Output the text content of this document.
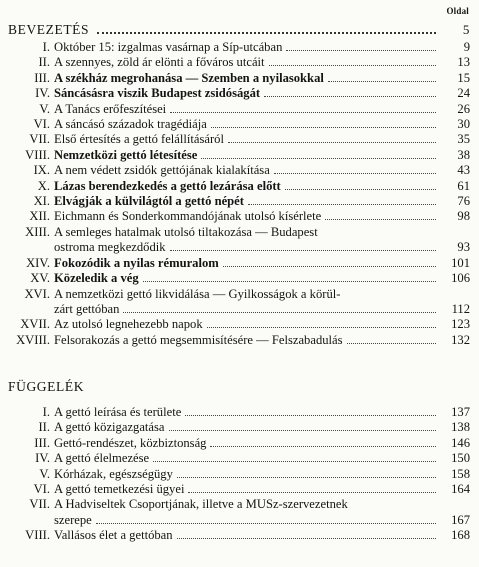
Oldal
BEVEZETÉS	5
I. Október 15: izgalmas vasárnap a Síp-utcában	9
II. A szennyes, zöld ár elönti a főváros utcáit	13
III. A székház megrohanása — Szemben a nyilasokkal	15
IV. Sáncásásra viszik Budapest zsidóságát	24
V. A Tanács erőfeszítései	26
VI. A sáncásó századok tragédiája	30
VII. Első értesítés a gettó felállításáról	35
VIII. Nemzetközi gettó létesítése	38
IX. A nem védett zsidók gettójának kialakítása	43
X. Lázas berendezkedés a gettó lezárása előtt	61
XI. Elvágják a külvilágtól a gettó népét	76
XII. Eichmann és Sonderkommandójának utolsó kísérlete	98
XIII. A semleges hatalmak utolsó tiltakozása — Budapest
ostroma megkezdődik	93
XIV. Fokozódik a nyilas rémuralom	101
XV. Közeledik a vég	106
XVI. A nemzetközi gettó likvidálása — Gyilkosságok a körül-
zárt gettóban	112
XVII. Az utolsó legnehezebb napok	123
XVIII. Felsorakozás a gettó megsemmisítésére — Felszabadulás	132
FÜGGELÉK
I. A gettó leírása és területe	137
II. A gettó közigazgatása	138
III. Gettó-rendészet, közbiztonság	146
IV. A gettó élelmezése	150
V. Kórházak, egészségügy	158
VI. A gettó temetkezési ügyei	164
VII. A Hadviseltek Csoportjának, illetve a MUSz-szervezetnek
szerepe	167
VIII. Vallásos élet a gettóban	168
